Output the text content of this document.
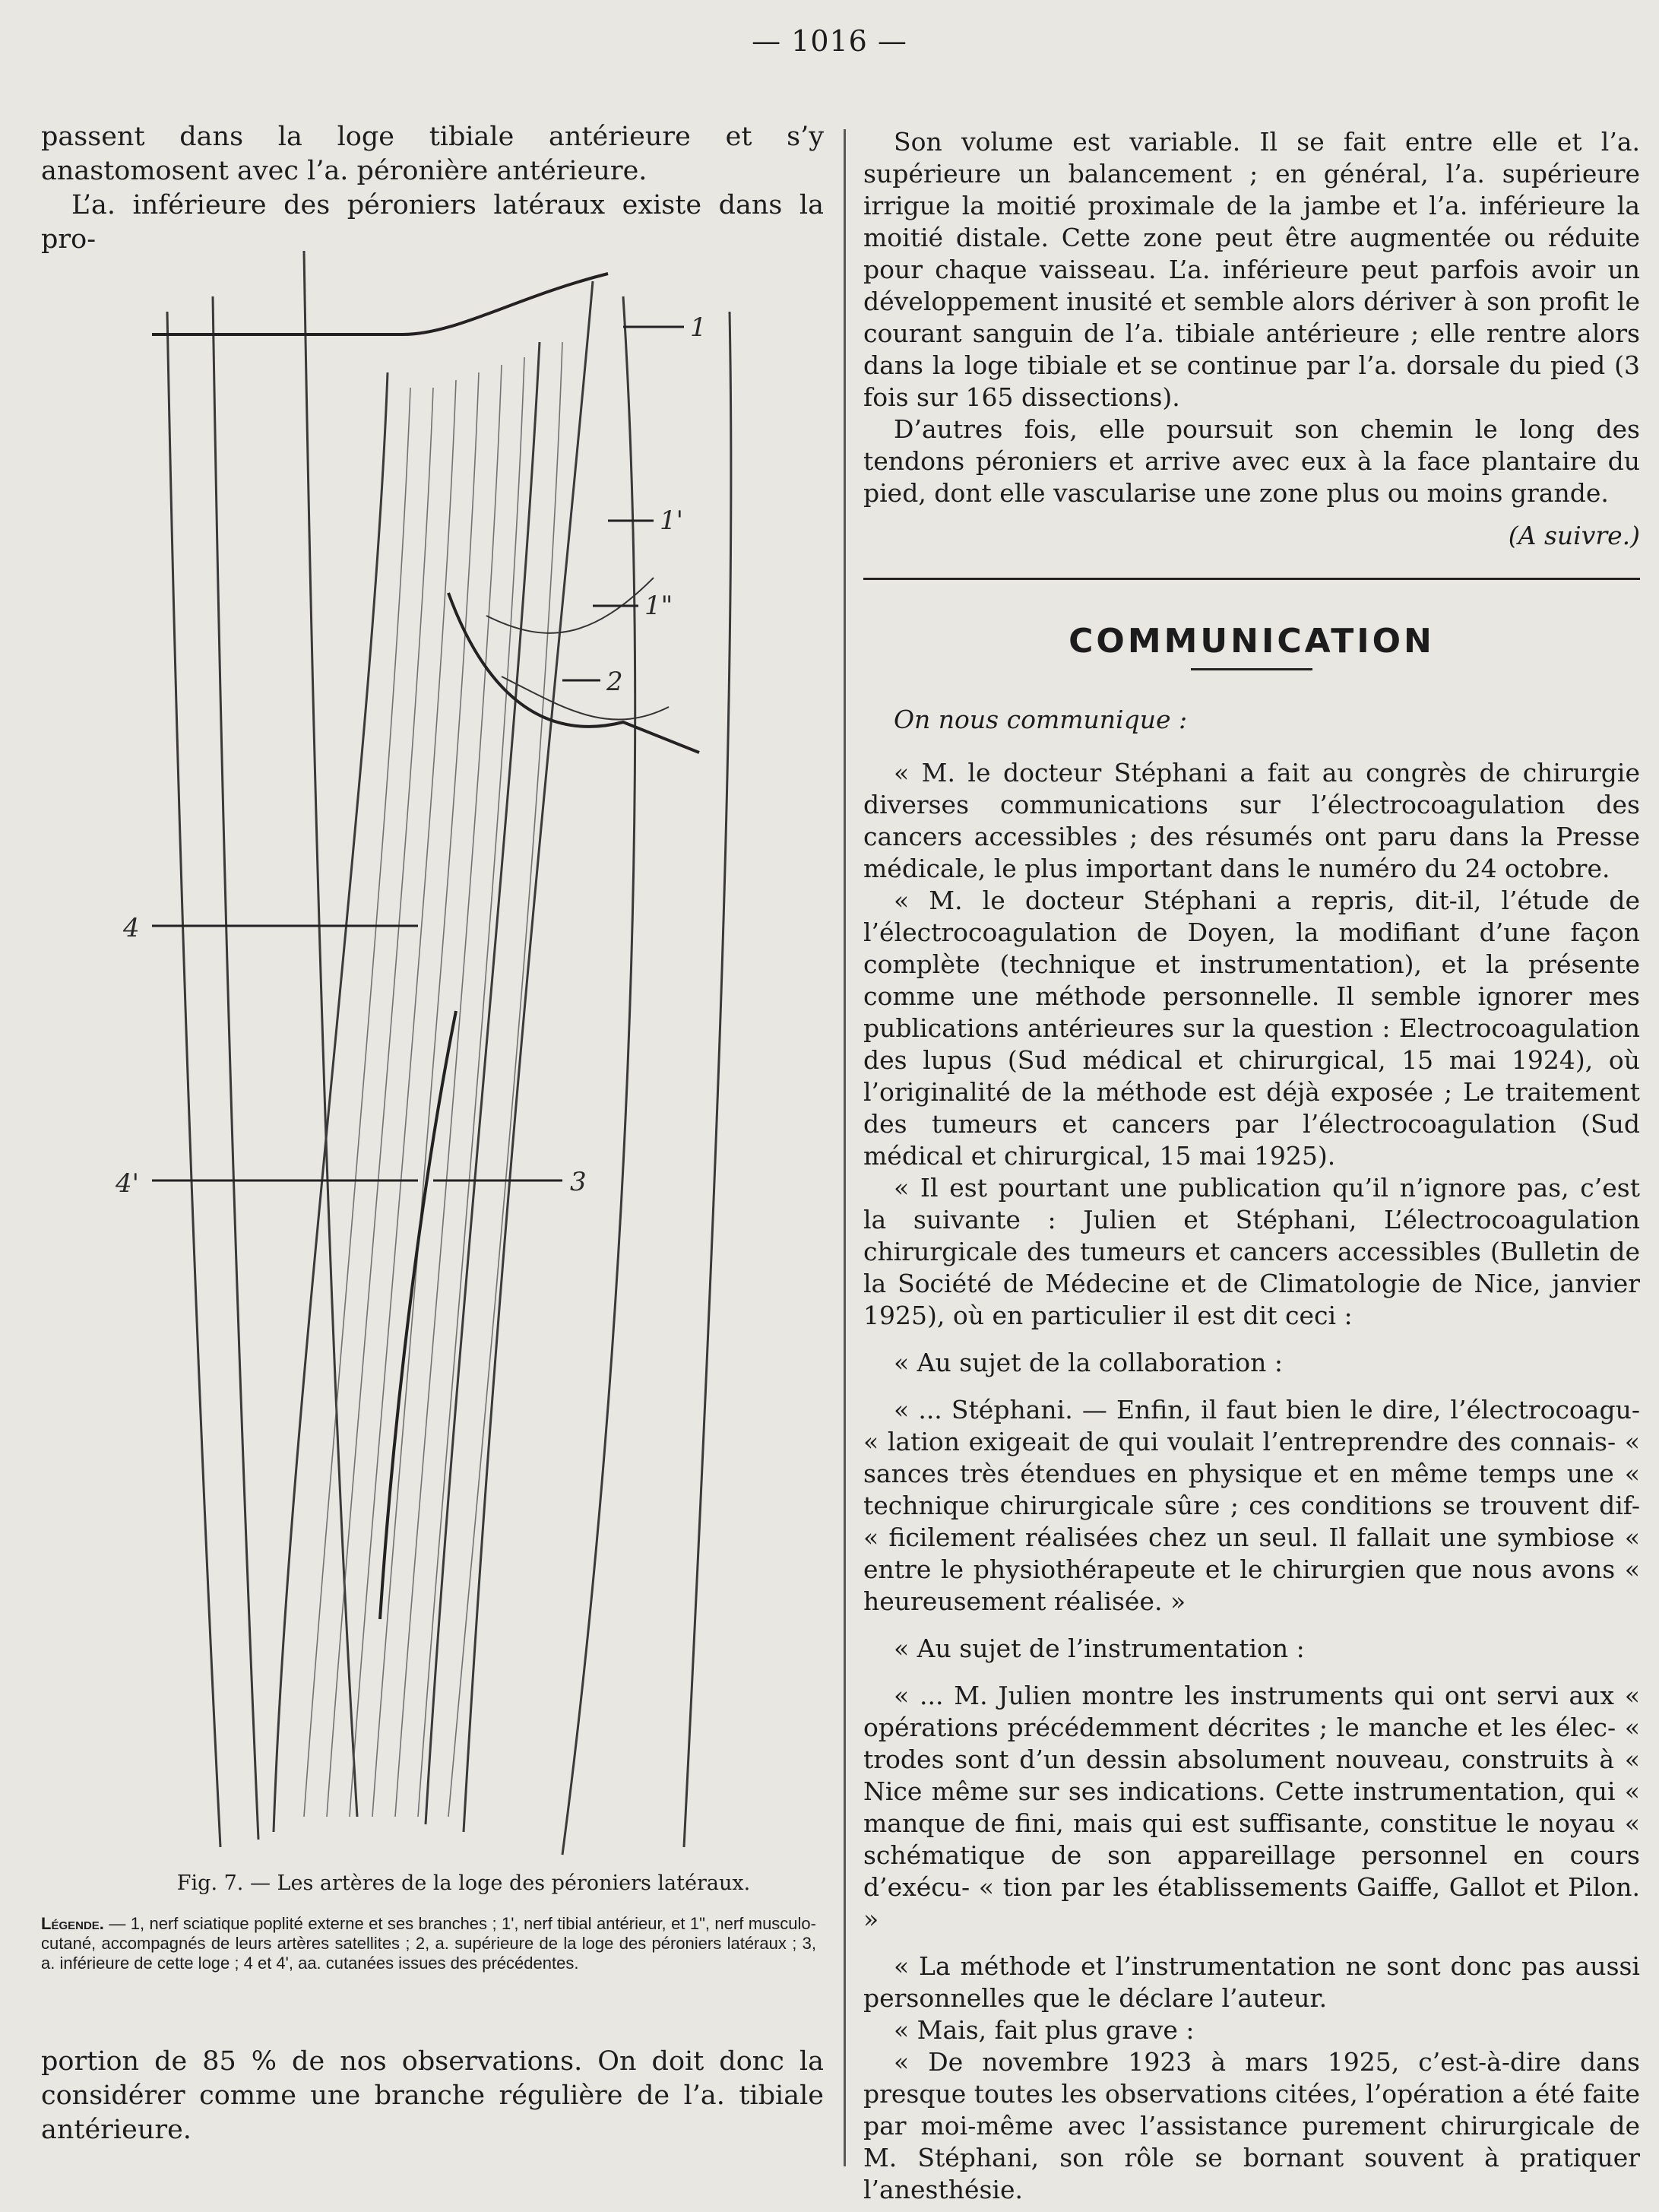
— 1016 —

passent dans la loge tibiale antérieure et s’y anastomosent avec l’a. péronière antérieure.

L’a. inférieure des péroniers latéraux existe dans la pro-

1
1'
1"
2
3
4
4'
Fig. 7. — Les artères de la loge des péroniers latéraux.
Légende. — 1, nerf sciatique poplité externe et ses branches ; 1', nerf tibial antérieur, et 1", nerf musculo-cutané, accompagnés de leurs artères satellites ; 2, a. supérieure de la loge des péroniers latéraux ; 3, a. inférieure de cette loge ; 4 et 4', aa. cutanées issues des précédentes.

portion de 85 % de nos observations. On doit donc la considérer comme une branche régulière de l’a. tibiale antérieure.

Son volume est variable. Il se fait entre elle et l’a. supérieure un balancement ; en général, l’a. supérieure irrigue la moitié proximale de la jambe et l’a. inférieure la moitié distale. Cette zone peut être augmentée ou réduite pour chaque vaisseau. L’a. inférieure peut parfois avoir un développement inusité et semble alors dériver à son profit le courant sanguin de l’a. tibiale antérieure ; elle rentre alors dans la loge tibiale et se continue par l’a. dorsale du pied (3 fois sur 165 dissections).

D’autres fois, elle poursuit son chemin le long des tendons péroniers et arrive avec eux à la face plantaire du pied, dont elle vascularise une zone plus ou moins grande.

(A suivre.)

COMMUNICATION

On nous communique :

« M. le docteur Stéphani a fait au congrès de chirurgie diverses communications sur l’électrocoagulation des cancers accessibles ; des résumés ont paru dans la Presse médicale, le plus important dans le numéro du 24 octobre.

« M. le docteur Stéphani a repris, dit-il, l’étude de l’électrocoagulation de Doyen, la modifiant d’une façon complète (technique et instrumentation), et la présente comme une méthode personnelle. Il semble ignorer mes publications antérieures sur la question : Electrocoagulation des lupus (Sud médical et chirurgical, 15 mai 1924), où l’originalité de la méthode est déjà exposée ; Le traitement des tumeurs et cancers par l’électrocoagulation (Sud médical et chirurgical, 15 mai 1925).

« Il est pourtant une publication qu’il n’ignore pas, c’est la suivante : Julien et Stéphani, L’électrocoagulation chirurgicale des tumeurs et cancers accessibles (Bulletin de la Société de Médecine et de Climatologie de Nice, janvier 1925), où en particulier il est dit ceci :

« Au sujet de la collaboration :

« ... Stéphani. — Enfin, il faut bien le dire, l’électrocoagu- « lation exigeait de qui voulait l’entreprendre des connais- « sances très étendues en physique et en même temps une « technique chirurgicale sûre ; ces conditions se trouvent dif- « ficilement réalisées chez un seul. Il fallait une symbiose « entre le physiothérapeute et le chirurgien que nous avons « heureusement réalisée. »

« Au sujet de l’instrumentation :

« ... M. Julien montre les instruments qui ont servi aux « opérations précédemment décrites ; le manche et les élec- « trodes sont d’un dessin absolument nouveau, construits à « Nice même sur ses indications. Cette instrumentation, qui « manque de fini, mais qui est suffisante, constitue le noyau « schématique de son appareillage personnel en cours d’exécu- « tion par les établissements Gaiffe, Gallot et Pilon. »

« La méthode et l’instrumentation ne sont donc pas aussi personnelles que le déclare l’auteur.

« Mais, fait plus grave :

« De novembre 1923 à mars 1925, c’est-à-dire dans presque toutes les observations citées, l’opération a été faite par moi-même avec l’assistance purement chirurgicale de M. Stéphani, son rôle se bornant souvent à pratiquer l’anesthésie.
